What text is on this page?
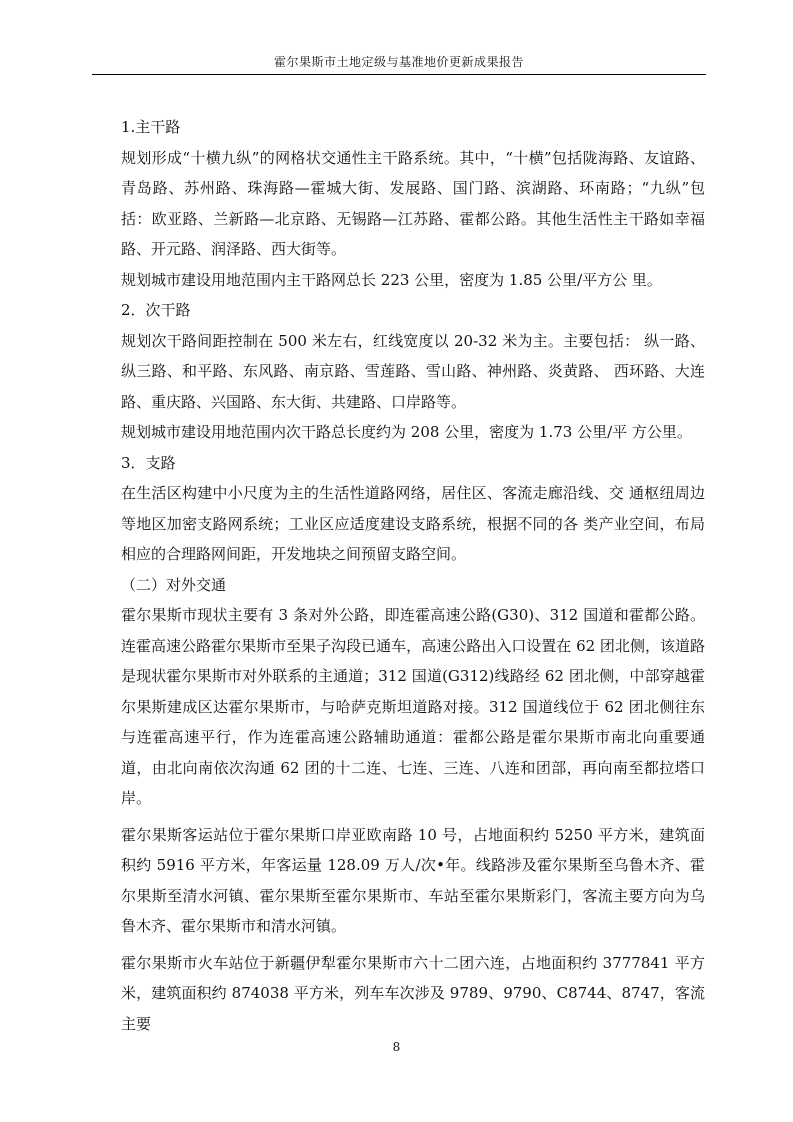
霍尔果斯市土地定级与基准地价更新成果报告

1.主干路

规划形成“十横九纵”的网格状交通性主干路系统。其中，“十横”包括陇海路、友谊路、青岛路、苏州路、珠海路—霍城大街、发展路、国门路、滨湖路、环南路；“九纵”包括：欧亚路、兰新路—北京路、无锡路—江苏路、霍都公路。其他生活性主干路如幸福路、开元路、润泽路、西大街等。

规划城市建设用地范围内主干路网总长 223 公里，密度为 1.85 公里/平方公 里。

2．次干路

规划次干路间距控制在 500 米左右，红线宽度以 20-32 米为主。主要包括： 纵一路、纵三路、和平路、东风路、南京路、雪莲路、雪山路、神州路、炎黄路、 西环路、大连路、重庆路、兴国路、东大街、共建路、口岸路等。

规划城市建设用地范围内次干路总长度约为 208 公里，密度为 1.73 公里/平 方公里。

3．支路

在生活区构建中小尺度为主的生活性道路网络，居住区、客流走廊沿线、交 通枢纽周边等地区加密支路网系统；工业区应适度建设支路系统，根据不同的各 类产业空间，布局相应的合理路网间距，开发地块之间预留支路空间。

（二）对外交通

霍尔果斯市现状主要有 3 条对外公路，即连霍高速公路(G30)、312 国道和霍都公路。连霍高速公路霍尔果斯市至果子沟段已通车，高速公路出入口设置在 62 团北侧，该道路是现状霍尔果斯市对外联系的主通道；312 国道(G312)线路经 62 团北侧，中部穿越霍尔果斯建成区达霍尔果斯市，与哈萨克斯坦道路对接。312 国道线位于 62 团北侧往东与连霍高速平行，作为连霍高速公路辅助通道：霍都公路是霍尔果斯市南北向重要通道，由北向南依次沟通 62 团的十二连、七连、三连、八连和团部，再向南至都拉塔口岸。

霍尔果斯客运站位于霍尔果斯口岸亚欧南路 10 号，占地面积约 5250 平方米，建筑面积约 5916 平方米，年客运量 128.09 万人/次•年。线路涉及霍尔果斯至乌鲁木齐、霍尔果斯至清水河镇、霍尔果斯至霍尔果斯市、车站至霍尔果斯彩门，客流主要方向为乌鲁木齐、霍尔果斯市和清水河镇。

霍尔果斯市火车站位于新疆伊犁霍尔果斯市六十二团六连，占地面积约 3777841 平方米，建筑面积约 874038 平方米，列车车次涉及 9789、9790、C8744、8747，客流主要

8
